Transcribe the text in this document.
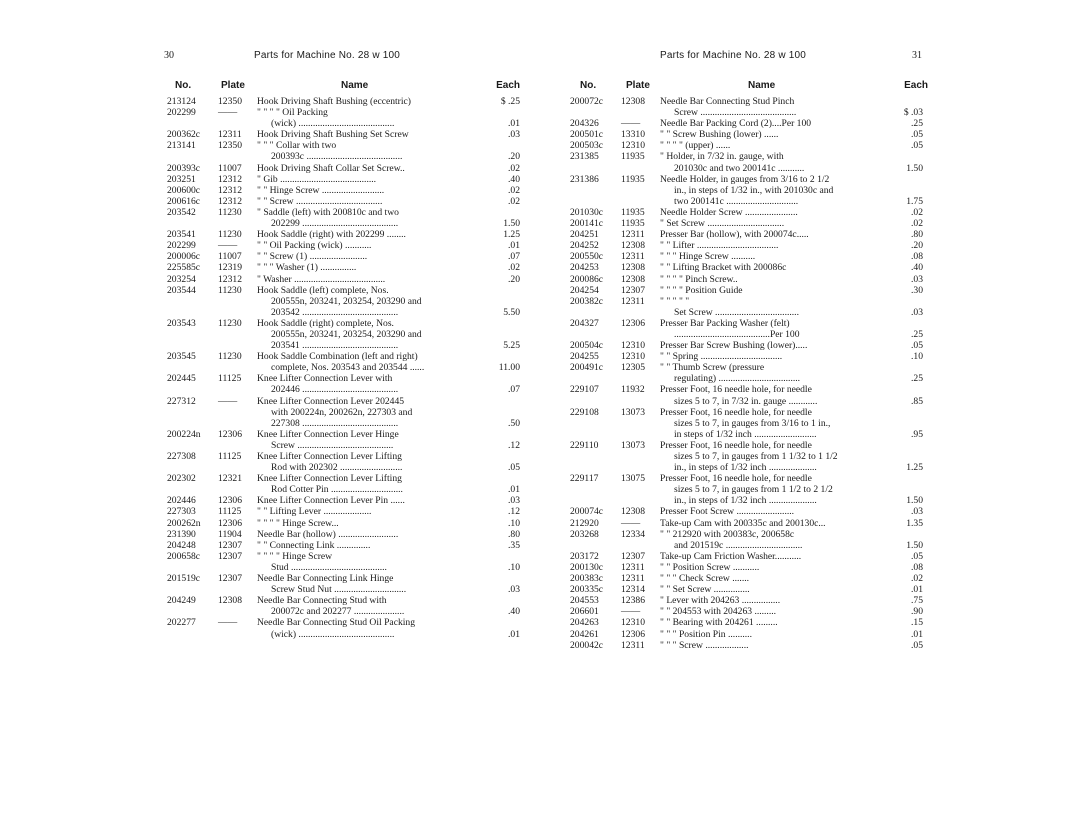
30	Parts for Machine No. 28 w 100
No.	Plate	Name	Each
213124 12350 Hook Driving Shaft Bushing (eccentric)	$ .25
202299 —— " " " " Oil Packing
(wick) ........................................	.01
200362c 12311 Hook Driving Shaft Bushing Set Screw	.03
213141 12350 " " " Collar with two
200393c ........................................	.20
200393c 11007 Hook Driving Shaft Collar Set Screw..	.02
203251 12312 " Gib ........................................	.40
200600c 12312 " " Hinge Screw ..........................	.02
200616c 12312 " " Screw ....................................	.02
203542 11230 " Saddle (left) with 200810c and two
202299 ........................................	1.50
203541 11230 Hook Saddle (right) with 202299 ........	1.25
202299 —— " " Oil Packing (wick) ...........	.01
200006c 11007 " " Screw (1) ........................	.07
225585c 12319 " " " Washer (1) ...............	.02
203254 12312 " Washer ......................................	.20
203544 11230 Hook Saddle (left) complete, Nos.
200555n, 203241, 203254, 203290 and
203542 ........................................	5.50
203543 11230 Hook Saddle (right) complete, Nos.
200555n, 203241, 203254, 203290 and
203541 ........................................	5.25
203545 11230 Hook Saddle Combination (left and right)
complete, Nos. 203543 and 203544 ......	11.00
202445 11125 Knee Lifter Connection Lever with
202446 ........................................	.07
227312 —— Knee Lifter Connection Lever 202445
with 200224n, 200262n, 227303 and
227308 ........................................	.50
200224n 12306 Knee Lifter Connection Lever Hinge
Screw ........................................	.12
227308 11125 Knee Lifter Connection Lever Lifting
Rod with 202302 ..........................	.05
202302 12321 Knee Lifter Connection Lever Lifting
Rod Cotter Pin ..............................	.01
202446 12306 Knee Lifter Connection Lever Pin ......	.03
227303 11125 " " Lifting Lever ....................	.12
200262n 12306 " " " " Hinge Screw...	.10
231390 11904 Needle Bar (hollow) .........................	.80
204248 12307 " " Connecting Link ..............	.35
200658c 12307 " " " " Hinge Screw
Stud ........................................	.10
201519c 12307 Needle Bar Connecting Link Hinge
Screw Stud Nut ..............................	.03
204249 12308 Needle Bar Connecting Stud with
200072c and 202277 .....................	.40
202277 —— Needle Bar Connecting Stud Oil Packing
(wick) ........................................	.01
Parts for Machine No. 28 w 100	31
No.	Plate	Name	Each
200072c 12308 Needle Bar Connecting Stud Pinch
Screw ........................................	$ .03
204326 —— Needle Bar Packing Cord (2)....Per 100	.25
200501c 13310 " " Screw Bushing (lower) ......	.05
200503c 12310 " " " " (upper) ......	.05
231385 11935 " Holder, in 7/32 in. gauge, with
201030c and two 200141c ...........	1.50
231386 11935 Needle Holder, in gauges from 3/16 to 2 1/2
in., in steps of 1/32 in., with 201030c and
two 200141c ..............................	1.75
201030c 11935 Needle Holder Screw ......................	.02
200141c 11935 " Set Screw ................................	.02
204251 12311 Presser Bar (hollow), with 200074c.....	.80
204252 12308 " " Lifter ..................................	.20
200550c 12311 " " " Hinge Screw ..........	.08
204253 12308 " " Lifting Bracket with 200086c	.40
200086c 12308 " " " " Pinch Screw..	.03
204254 12307 " " " " Position Guide	.30
200382c 12311 " " " " "
Set Screw ...................................	.03
204327 12306 Presser Bar Packing Washer (felt)
........................................Per 100	.25
200504c 12310 Presser Bar Screw Bushing (lower).....	.05
204255 12310 " " Spring ..................................	.10
200491c 12305 " " Thumb Screw (pressure
regulating) ..................................	.25
229107 11932 Presser Foot, 16 needle hole, for needle
sizes 5 to 7, in 7/32 in. gauge ............	.85
229108 13073 Presser Foot, 16 needle hole, for needle
sizes 5 to 7, in gauges from 3/16 to 1 in.,
in steps of 1/32 inch ..........................	.95
229110 13073 Presser Foot, 16 needle hole, for needle
sizes 5 to 7, in gauges from 1 1/32 to 1 1/2
in., in steps of 1/32 inch ....................	1.25
229117 13075 Presser Foot, 16 needle hole, for needle
sizes 5 to 7, in gauges from 1 1/2 to 2 1/2
in., in steps of 1/32 inch ....................	1.50
200074c 12308 Presser Foot Screw ........................	.03
212920 —— Take-up Cam with 200335c and 200130c...	1.35
203268 12334 " " 212920 with 200383c, 200658c
and 201519c ................................	1.50
203172 12307 Take-up Cam Friction Washer...........	.05
200130c 12311 " " Position Screw ...........	.08
200383c 12311 " " " Check Screw .......	.02
200335c 12314 " " Set Screw ...............	.01
204553 12386 " Lever with 204263 ................	.75
206601 —— " " 204553 with 204263 .........	.90
204263 12310 " " Bearing with 204261 .........	.15
204261 12306 " " " Position Pin ..........	.01
200042c 12311 " " " Screw ..................	.05
